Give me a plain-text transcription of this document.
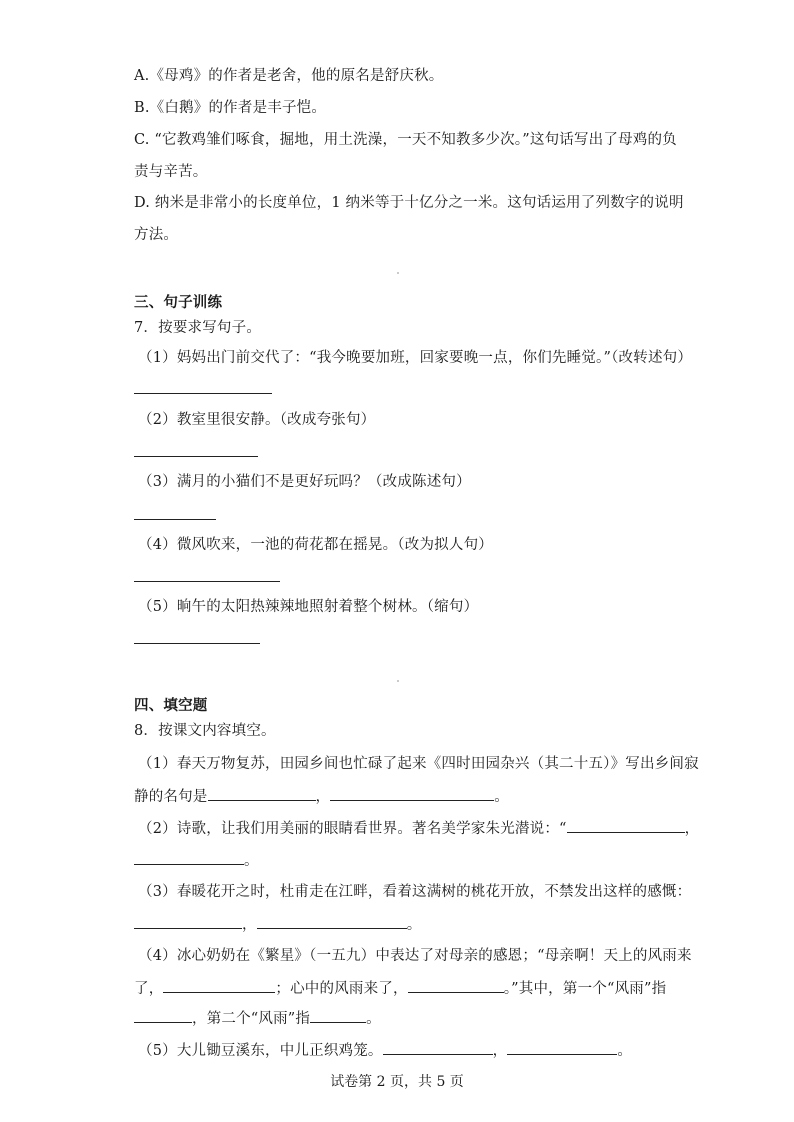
A.《母鸡》的作者是老舍，他的原名是舒庆秋。
B.《白鹅》的作者是丰子恺。
C. “它教鸡雏们啄食，掘地，用土洗澡，一天不知教多少次。”这句话写出了母鸡的负
责与辛苦。
D. 纳米是非常小的长度单位，1 纳米等于十亿分之一米。这句话运用了列数字的说明
方法。
三、句子训练
7．按要求写句子。
（1）妈妈出门前交代了：“我今晚要加班，回家要晚一点，你们先睡觉。”（改转述句）
（2）教室里很安静。（改成夸张句）
（3）满月的小猫们不是更好玩吗？（改成陈述句）
（4）微风吹来，一池的荷花都在摇晃。（改为拟人句）
（5）晌午的太阳热辣辣地照射着整个树林。（缩句）
四、填空题
8．按课文内容填空。
（1）春天万物复苏，田园乡间也忙碌了起来《四时田园杂兴（其二十五）》写出乡间寂
静的名句是	，	。
（2）诗歌，让我们用美丽的眼睛看世界。著名美学家朱光潜说：“	，
。
（3）春暖花开之时，杜甫走在江畔，看着这满树的桃花开放，不禁发出这样的感慨：
，	。
（4）冰心奶奶在《繁星》（一五九）中表达了对母亲的感恩；“母亲啊！天上的风雨来
了，	；心中的风雨来了，	。”其中，第一个“风雨”指
，第二个“风雨”指	。
（5）大儿锄豆溪东，中儿正织鸡笼。	，	。
试卷第 2 页，共 5 页
